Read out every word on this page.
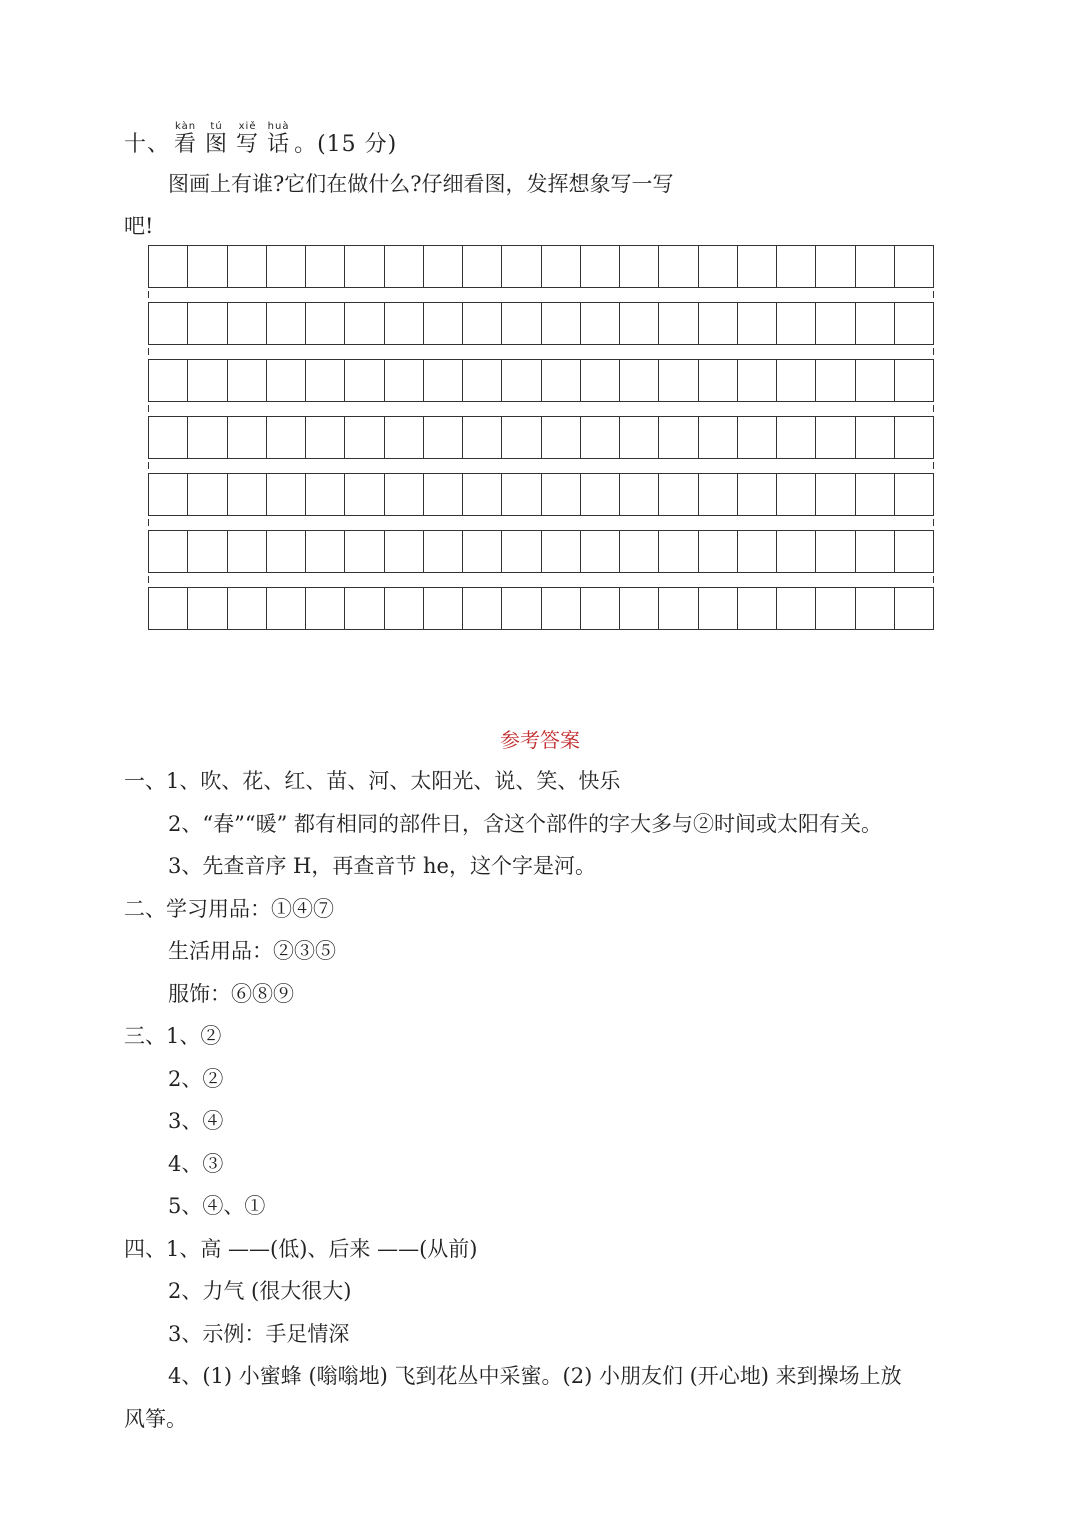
十、
kàn
看
tú
图
xiě
写
huà
话 。(15 分)
图画上有谁?它们在做什么?仔细看图，发挥想象写一写
吧!
参考答案
一、1、吹、花、红、苗、河、太阳光、说、笑、快乐
2、“春”“暖” 都有相同的部件日，含这个部件的字大多与②时间或太阳有关。
3、先查音序 H，再查音节 he，这个字是河。
二、学习用品：①④⑦
生活用品：②③⑤
服饰：⑥⑧⑨
三、1、②
2、②
3、④
4、③
5、④、①
四、1、高 ——(低)、后来 ——(从前)
2、力气 (很大很大)
3、示例：手足情深
4、(1) 小蜜蜂 (嗡嗡地) 飞到花丛中采蜜。(2) 小朋友们 (开心地) 来到操场上放
风筝。
